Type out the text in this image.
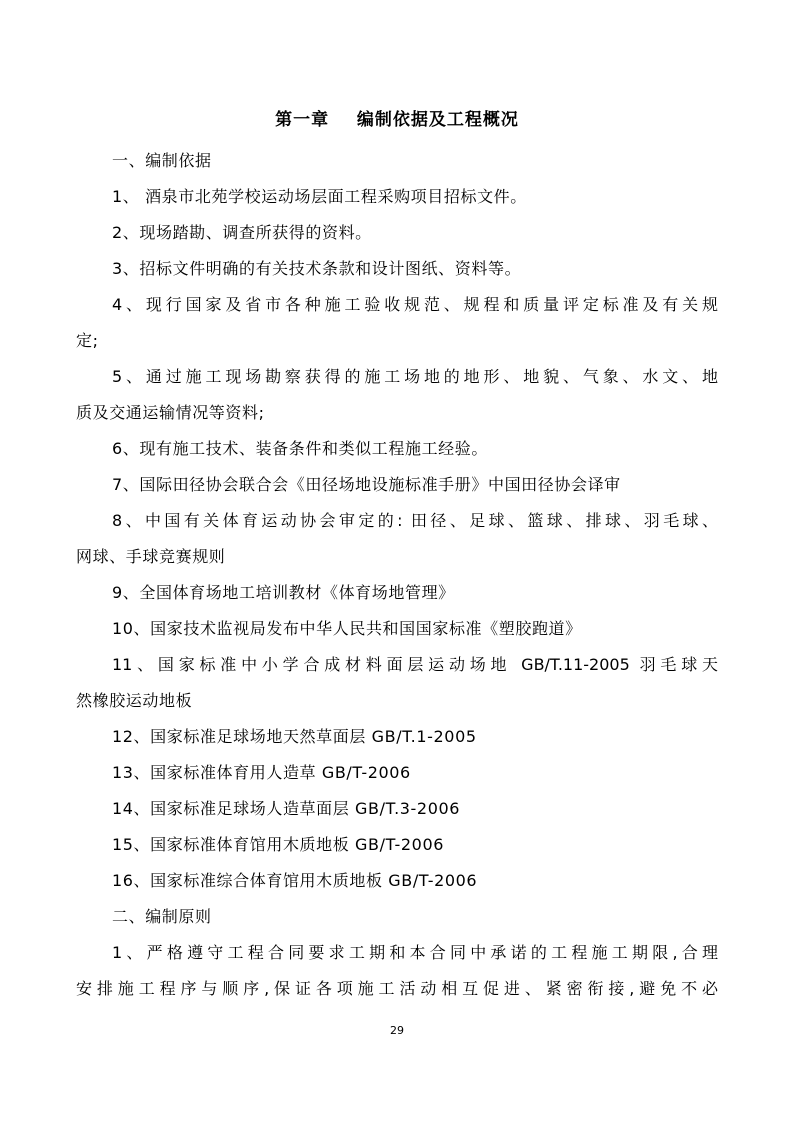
第一章    编制依据及工程概况
一、编制依据
1、 酒泉市北苑学校运动场层面工程采购项目招标文件。
2、现场踏勘、调查所获得的资料。
3、招标文件明确的有关技术条款和设计图纸、资料等。
4、现行国家及省市各种施工验收规范、规程和质量评定标准及有关规
定;
5、通过施工现场勘察获得的施工场地的地形、地貌、气象、水文、地
质及交通运输情况等资料;
6、现有施工技术、装备条件和类似工程施工经验。
7、国际田径协会联合会《田径场地设施标准手册》中国田径协会译审
8、中国有关体育运动协会审定的: 田径、足球、篮球、排球、羽毛球、
网球、手球竞赛规则
9、全国体育场地工培训教材《体育场地管理》
10、国家技术监视局发布中华人民共和国国家标准《塑胶跑道》
11、国家标准中小学合成材料面层运动场地 GB/T.11-2005 羽毛球天
然橡胶运动地板
12、国家标准足球场地天然草面层 GB/T.1-2005
13、国家标准体育用人造草 GB/T-2006
14、国家标准足球场人造草面层 GB/T.3-2006
15、国家标准体育馆用木质地板 GB/T-2006
16、国家标准综合体育馆用木质地板 GB/T-2006
二、编制原则
1、严格遵守工程合同要求工期和本合同中承诺的工程施工期限,合理
安排施工程序与顺序,保证各项施工活动相互促进、紧密衔接,避免不必
29
